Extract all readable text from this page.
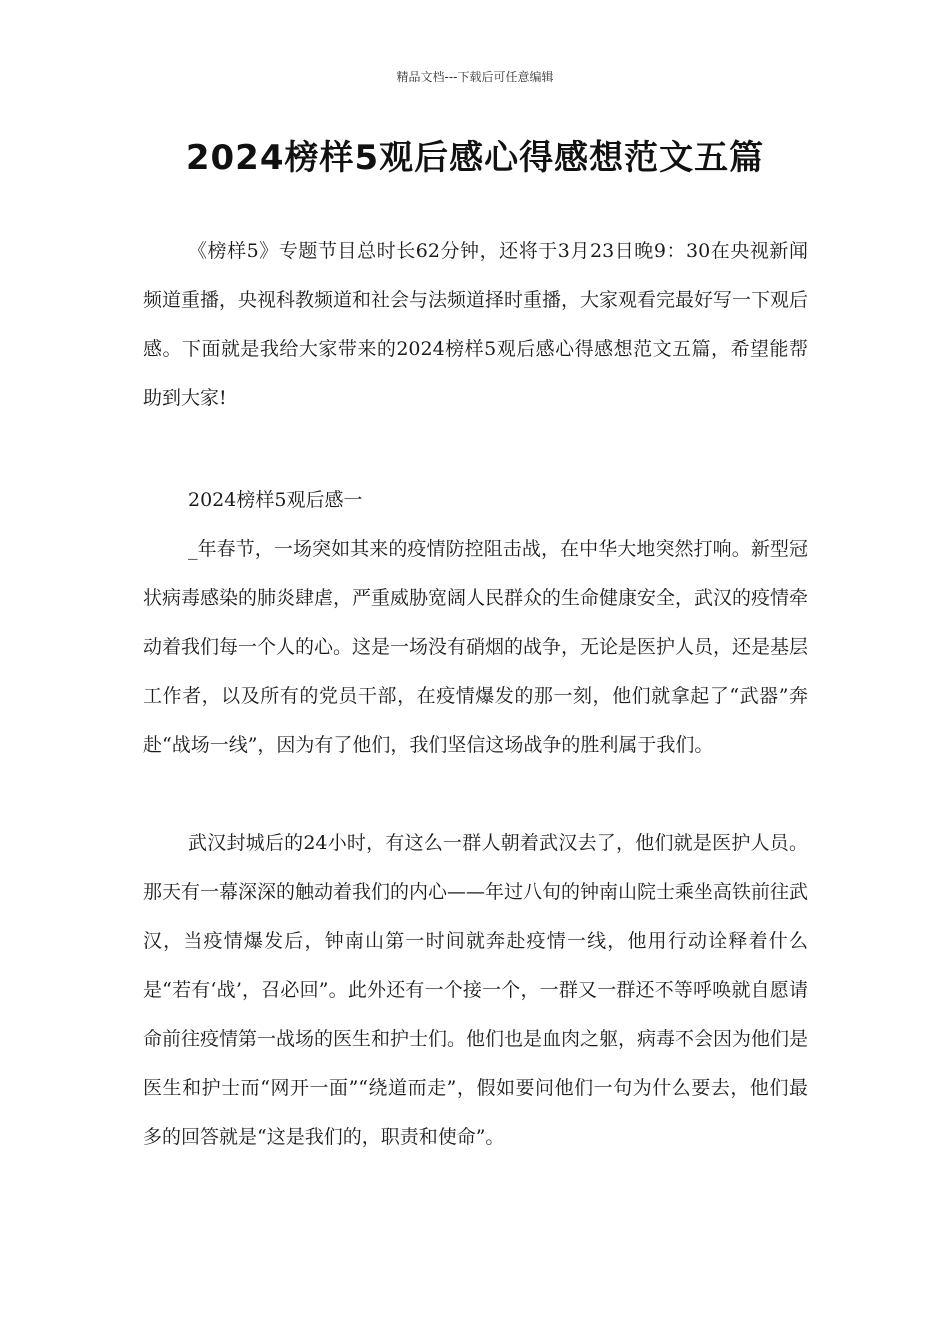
精品文档---下载后可任意编辑
2024榜样5观后感心得感想范文五篇

《榜样5》专题节目总时长62分钟，还将于3月23日晚9：30在央视新闻频道重播，央视科教频道和社会与法频道择时重播，大家观看完最好写一下观后感。下面就是我给大家带来的2024榜样5观后感心得感想范文五篇，希望能帮助到大家!

2024榜样5观后感一

_年春节，一场突如其来的疫情防控阻击战，在中华大地突然打响。新型冠状病毒感染的肺炎肆虐，严重威胁宽阔人民群众的生命健康安全，武汉的疫情牵动着我们每一个人的心。这是一场没有硝烟的战争，无论是医护人员，还是基层工作者，以及所有的党员干部，在疫情爆发的那一刻，他们就拿起了“武器”奔赴“战场一线”，因为有了他们，我们坚信这场战争的胜利属于我们。

武汉封城后的24小时，有这么一群人朝着武汉去了，他们就是医护人员。那天有一幕深深的触动着我们的内心——年过八旬的钟南山院士乘坐高铁前往武汉，当疫情爆发后，钟南山第一时间就奔赴疫情一线，他用行动诠释着什么是“若有‘战’，召必回”。此外还有一个接一个，一群又一群还不等呼唤就自愿请命前往疫情第一战场的医生和护士们。他们也是血肉之躯，病毒不会因为他们是医生和护士而“网开一面”“绕道而走”，假如要问他们一句为什么要去，他们最多的回答就是“这是我们的，职责和使命”。
